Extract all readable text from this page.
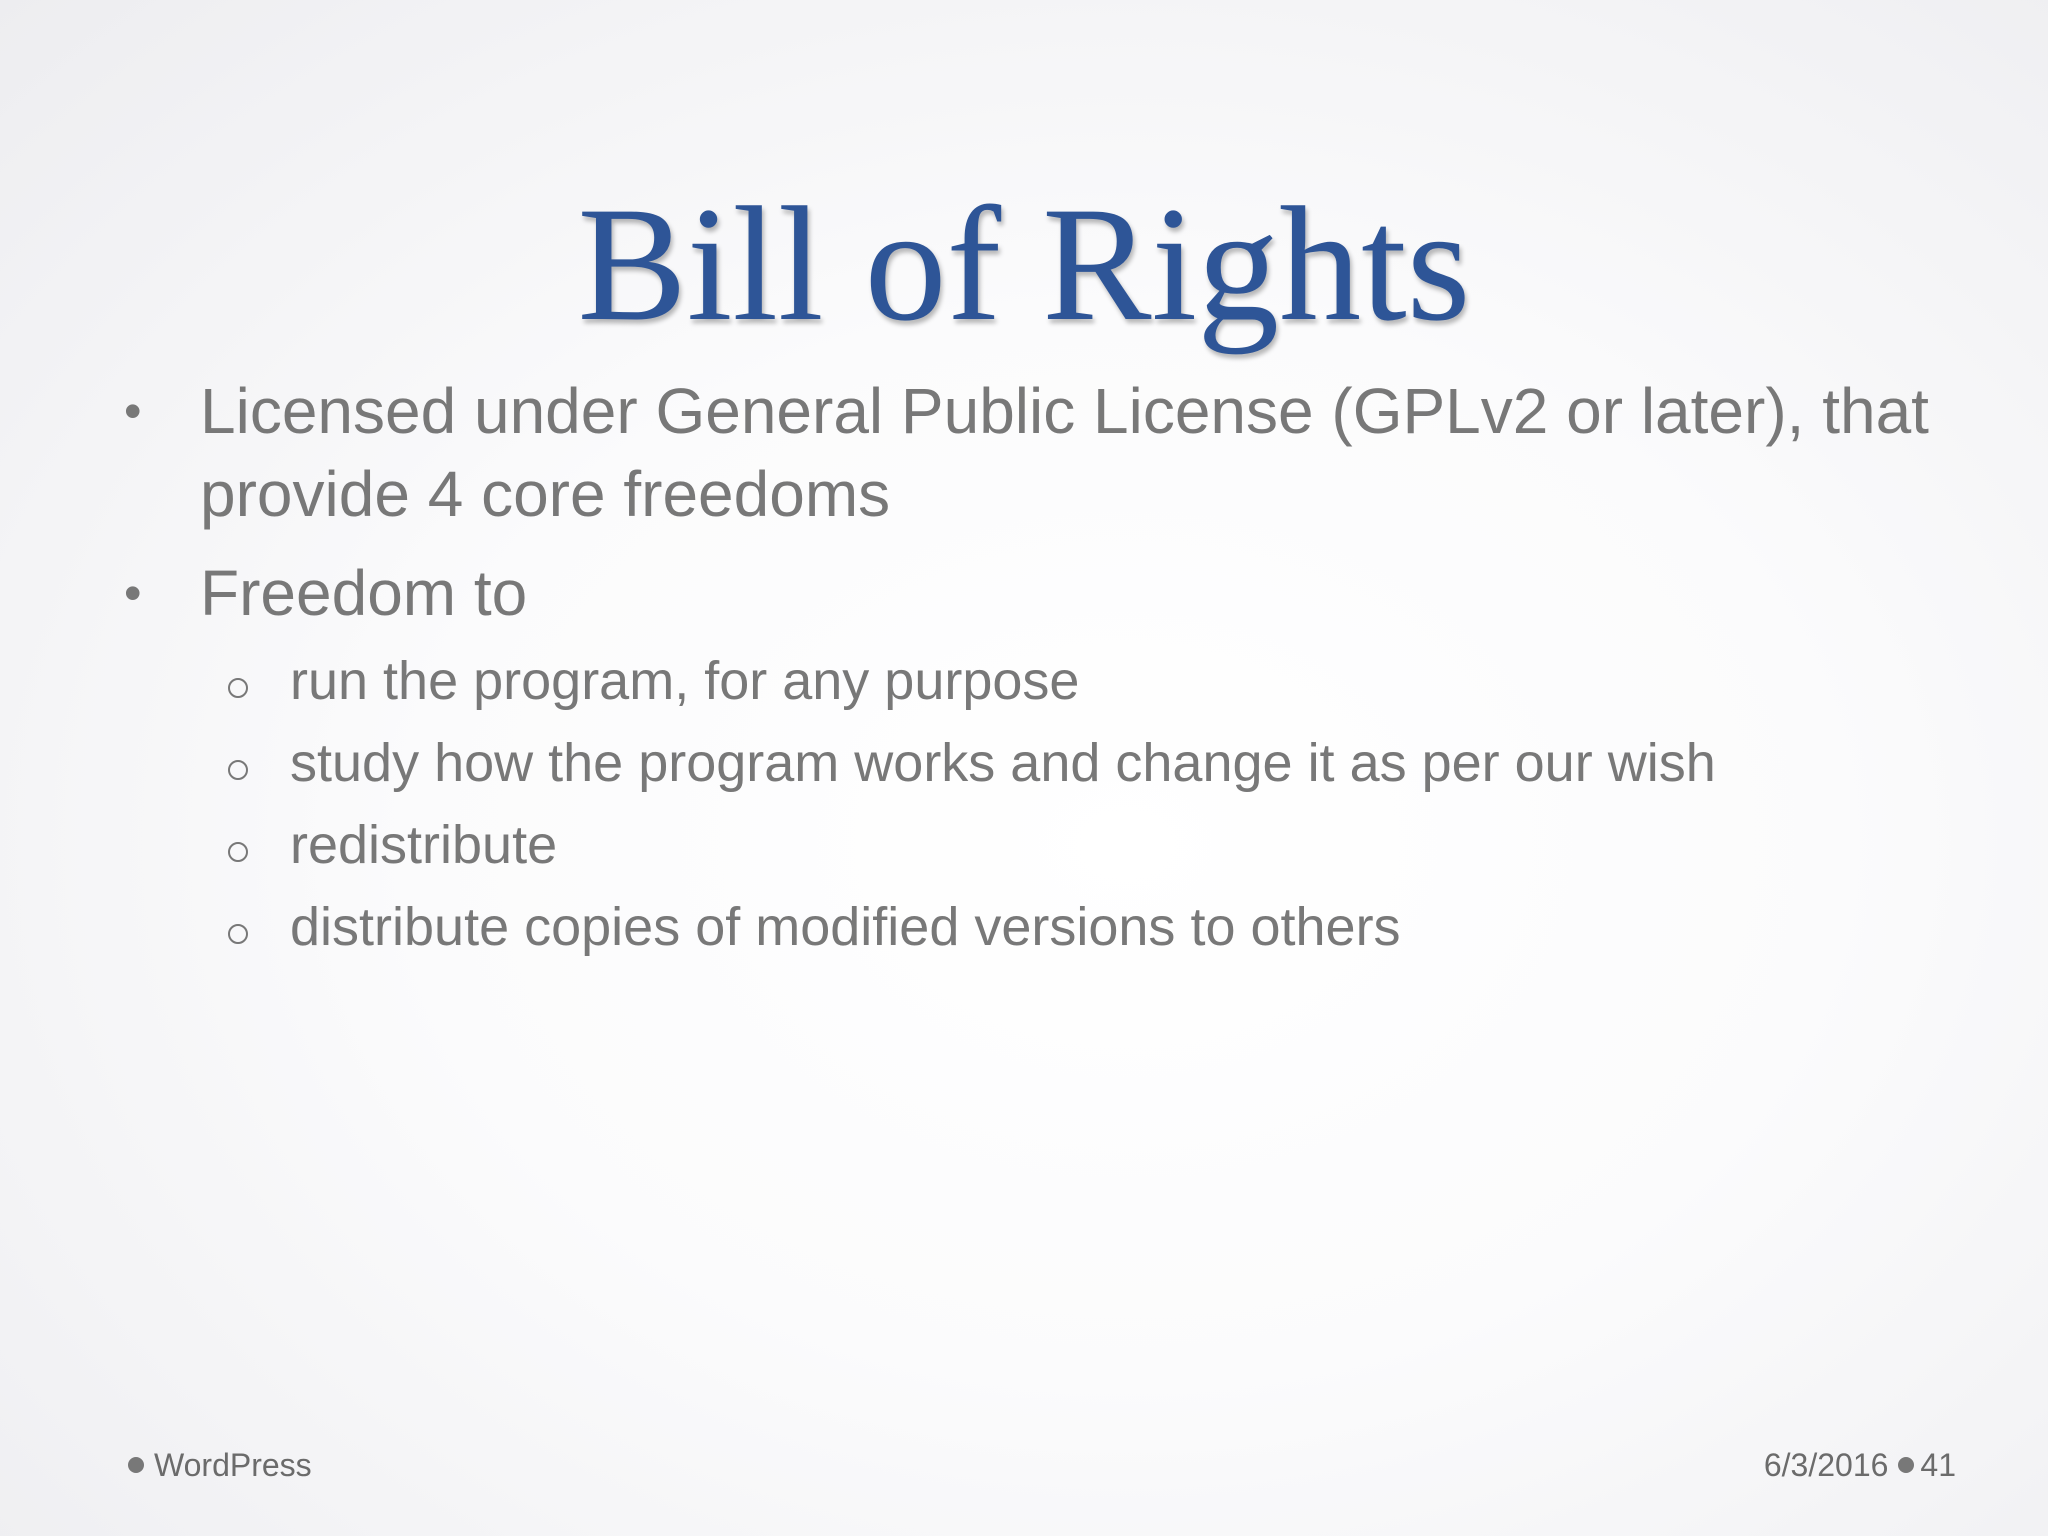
Bill of Rights
• Licensed under General Public License (GPLv2 or later), that provide 4 core freedoms
• Freedom to
run the program, for any purpose
study how the program works and change it as per our wish
redistribute
distribute copies of modified versions to others
WordPress	6/3/2016 41
